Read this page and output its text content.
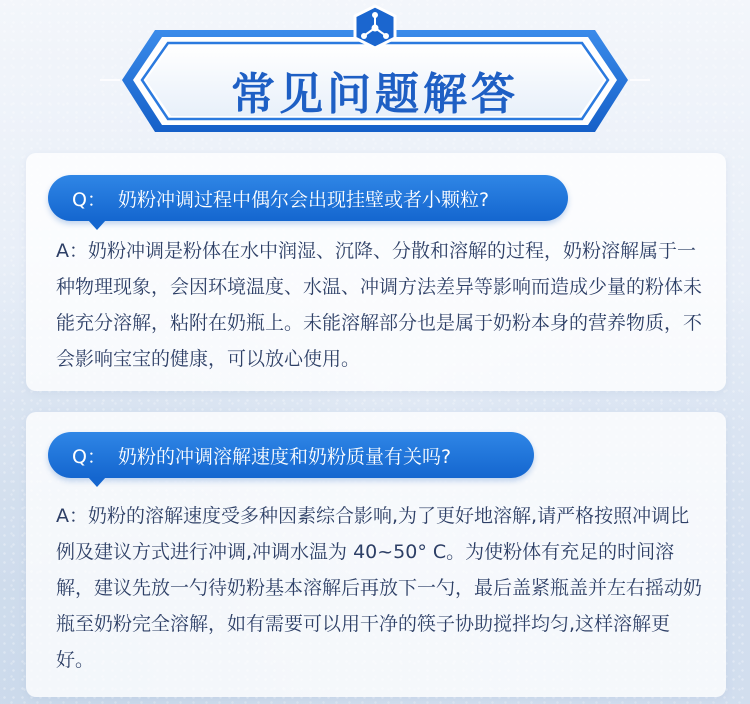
常见问题解答
Q： 奶粉冲调过程中偶尔会出现挂壁或者小颗粒?
A：奶粉冲调是粉体在水中润湿、沉降、分散和溶解的过程，奶粉溶解属于一种物理现象，会因环境温度、水温、冲调方法差异等影响而造成少量的粉体未能充分溶解，粘附在奶瓶上。未能溶解部分也是属于奶粉本身的营养物质，不会影响宝宝的健康，可以放心使用。
Q： 奶粉的冲调溶解速度和奶粉质量有关吗?
A：奶粉的溶解速度受多种因素综合影响,为了更好地溶解,请严格按照冲调比例及建议方式进行冲调,冲调水温为 40~50° C。为使粉体有充足的时间溶解，建议先放一勺待奶粉基本溶解后再放下一勺，最后盖紧瓶盖并左右摇动奶瓶至奶粉完全溶解，如有需要可以用干净的筷子协助搅拌均匀,这样溶解更好。
